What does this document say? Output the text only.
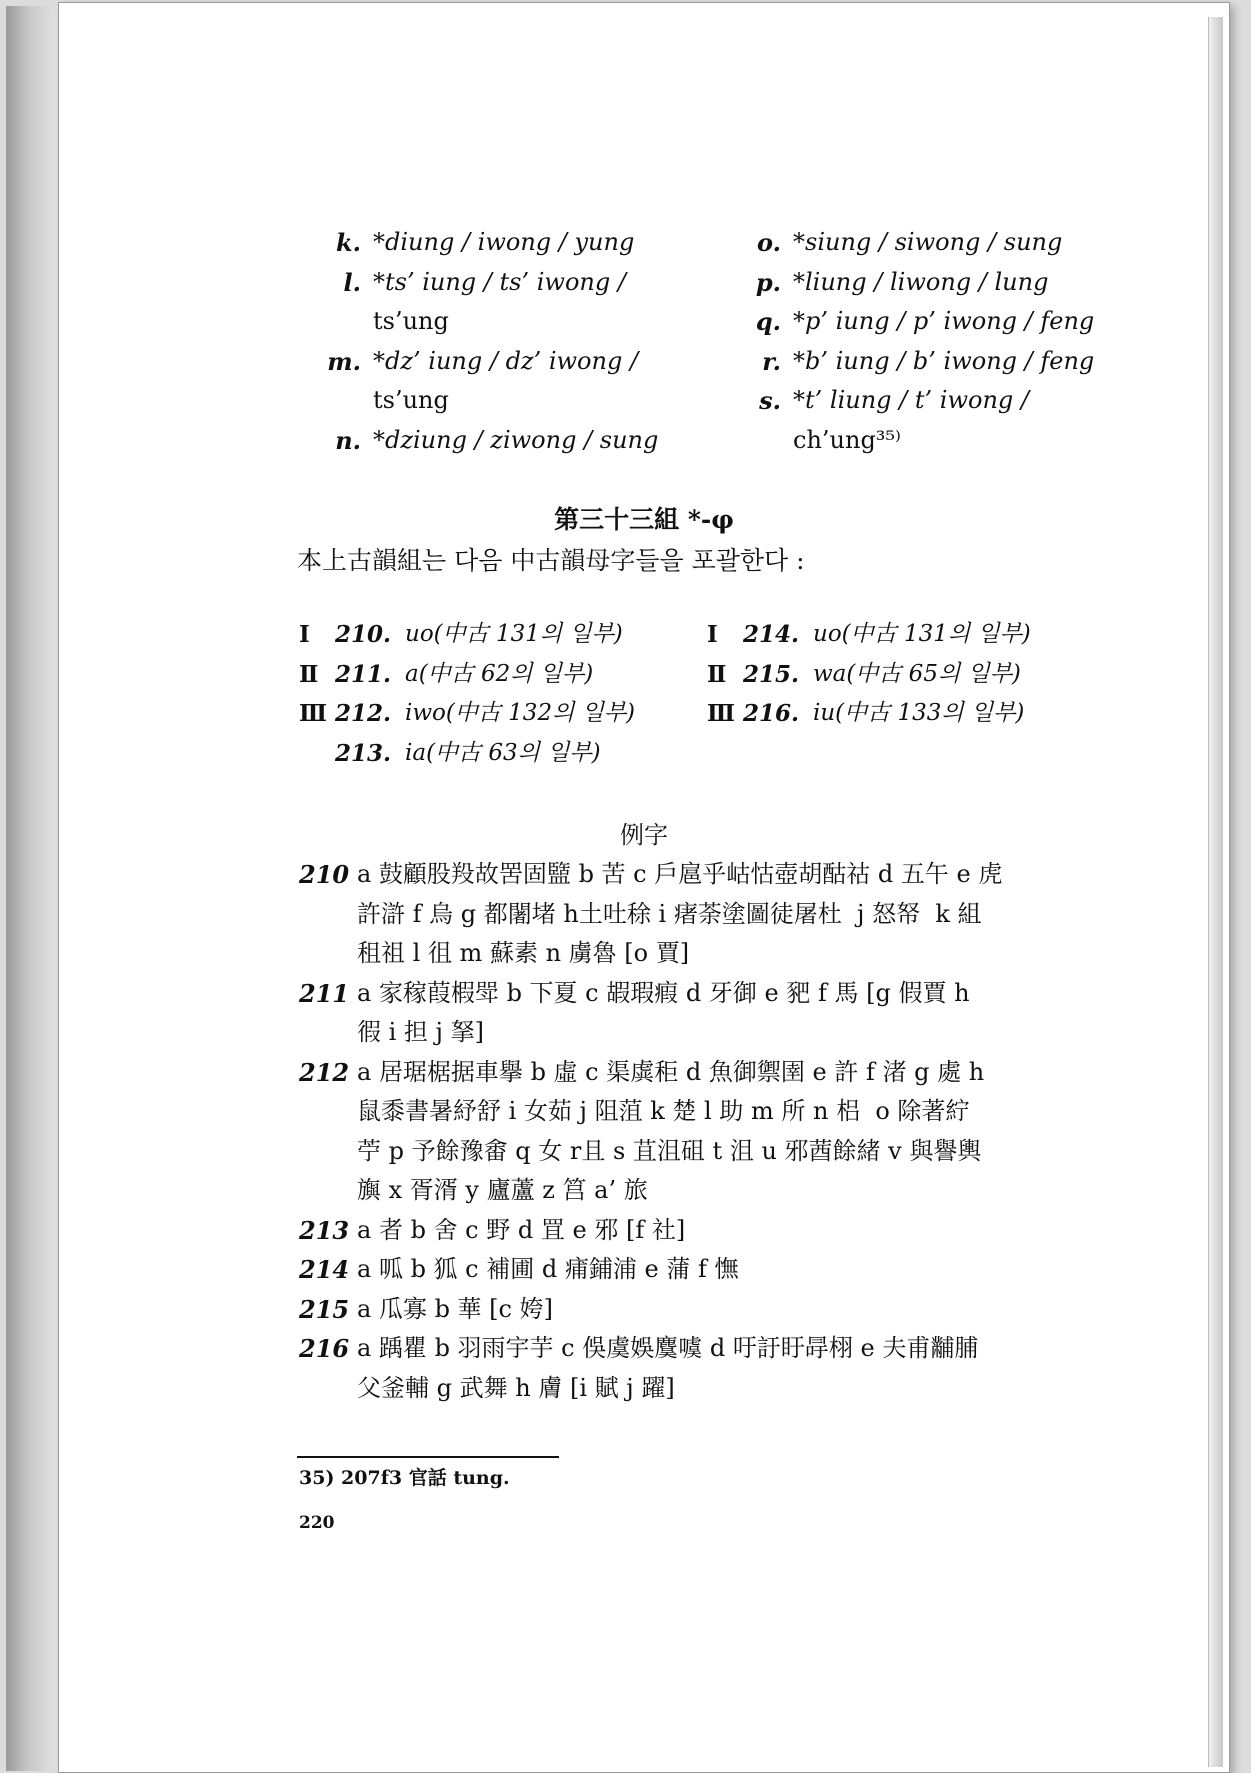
k. *diung / iwong / yung
l. *ts’ iung / ts’ iwong /
ts’ung
m. *dz’ iung / dz’ iwong /
ts’ung
n. *dziung / ziwong / sung
o. *siung / siwong / sung
p. *liung / liwong / lung
q. *p’ iung / p’ iwong / feng
r. *b’ iung / b’ iwong / feng
s. *t’ liung / t’ iwong /
ch’ung³⁵⁾
第三十三組 *-φ
本上古韻組는 다음 中古韻母字들을 포괄한다 :
Ⅰ	210. uo(中古 131의 일부)
Ⅱ 211. a(中古 62의 일부)
Ⅲ 212. iwo(中古 132의 일부)
213. ia(中古 63의 일부)
Ⅰ	214. uo(中古 131의 일부)
Ⅱ 215. wa(中古 65의 일부)
Ⅲ 216. iu(中古 133의 일부)
例字
210 a 鼓顧股羖故罟固盬 b 苦 c 戶扈乎岵怙壺胡酤祜 d 五午 e 虎
許滸 f 烏 g 都闍堵 h土吐稌 i 瘏荼塗圖徒屠杜  j 怒帑  k 組
租祖 l 徂 m 蘇素 n 虜魯 [o 賈]
211 a 家稼葭椵斝 b 下夏 c 嘏瑕瘕 d 牙御 e 豝 f 馬 [g 假賈 h
徦 i 担 j 拏]
212 a 居琚椐据車擧 b 虛 c 渠虡秬 d 魚御禦圉 e 許 f 渚 g 處 h
鼠黍書暑紓舒 i 女茹 j 阻菹 k 楚 l 助 m 所 n 梠  o 除著紵
苧 p 予餘豫畬 q 女 r且 s 苴沮砠 t 沮 u 邪莤餘緒 v 與譽輿
旟 x 胥湑 y 廬蘆 z 筥 a’ 旅
213 a 者 b 舍 c 野 d 罝 e 邪 [f 社]
214 a 呱 b 狐 c 補圃 d 痡鋪浦 e 蒲 f 憮
215 a 瓜寡 b 華 [c 姱]
216 a 踽瞿 b 羽雨宇芋 c 俁虞娛麌噳 d 吁訏盱冔栩 e 夫甫黼脯
父釜輔 g 武舞 h 膚 [i 賦 j 躍]
35) 207f3 官話 tung.
220
